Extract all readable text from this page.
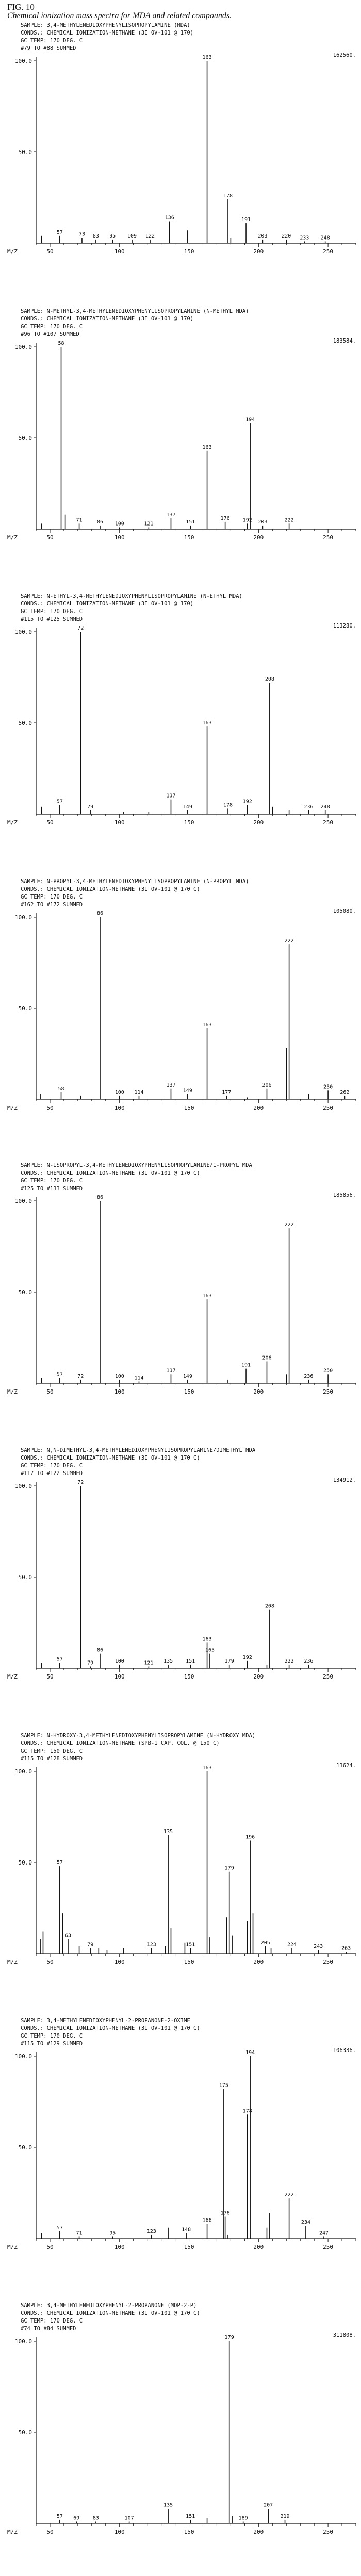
FIG. 10
Chemical ionization mass spectra for MDA and related compounds.
SAMPLE: 3,4-METHYLENEDIOXYPHENYLISOPROPYLAMINE (MDA)
CONDS.: CHEMICAL IONIZATION-METHANE (3I OV-101 @ 170)
GC TEMP: 170 DEG. C
#79 TO #88 SUMMED
162560.
100.0
50.0
50	100	150	200	250
M/Z
57	73 83 95 109 122
136
163
178
191
203	220 233 248
SAMPLE: N-METHYL-3,4-METHYLENEDIOXYPHENYLISOPROPYLAMINE (N-METHYL MDA)
CONDS.: CHEMICAL IONIZATION-METHANE (3I OV-101 @ 170)
GC TEMP: 170 DEG. C
#96 TO #107 SUMMED
183584.
100.0
50.0
50	100	150	200	250
M/Z
58
71	86 100	121
137
151
163
176	192
194
203	222
SAMPLE: N-ETHYL-3,4-METHYLENEDIOXYPHENYLISOPROPYLAMINE (N-ETHYL MDA)
CONDS.: CHEMICAL IONIZATION-METHANE (3I OV-101 @ 170)
GC TEMP: 170 DEG. C
#115 TO #125 SUMMED
113280.
100.0
50.0
50	100	150	200	250
M/Z
57
72
79
137
149
163
178
192
208
236 248
SAMPLE: N-PROPYL-3,4-METHYLENEDIOXYPHENYLISOPROPYLAMINE (N-PROPYL MDA)
CONDS.: CHEMICAL IONIZATION-METHANE (3I OV-101 @ 170 C)
GC TEMP: 170 DEG. C
#162 TO #172 SUMMED
105080.
100.0
50.0
50	100	150	200	250
M/Z
58
86
100 114
137
149
163
177
206
222
250
262
SAMPLE: N-ISOPROPYL-3,4-METHYLENEDIOXYPHENYLISOPROPYLAMINE/1-PROPYL MDA
CONDS.: CHEMICAL IONIZATION-METHANE (3I OV-101 @ 170 C)
GC TEMP: 170 DEG. C
#125 TO #133 SUMMED
185856.
100.0
50.0
50	100	150	200	250
M/Z
57	72
86
100 114
137
149
163
191
206
222
236
250
SAMPLE: N,N-DIMETHYL-3,4-METHYLENEDIOXYPHENYLISOPROPYLAMINE/DIMETHYL MDA
CONDS.: CHEMICAL IONIZATION-METHANE (3I OV-101 @ 170 C)
GC TEMP: 170 DEG. C
#117 TO #122 SUMMED
134912.
100.0
50.0
50	100	150	200	250
M/Z
57
72
79
86
100	121 135	151
163
165
179
192
208
222 236
SAMPLE: N-HYDROXY-3,4-METHYLENEDIOXYPHENYLISOPROPYLAMINE (N-HYDROXY MDA)
CONDS.: CHEMICAL IONIZATION-METHANE (SPB-1 CAP. COL. @ 150 C)
GC TEMP: 150 DEG. C
#115 TO #128 SUMMED
13624.
100.0
50.0
50	100	150	200	250
M/Z
57
63
79	123
135
151
163
179
196
205	224	243	263
SAMPLE: 3,4-METHYLENEDIOXYPHENYL-2-PROPANONE-2-OXIME
CONDS.: CHEMICAL IONIZATION-METHANE (3I OV-101 @ 170 C)
GC TEMP: 170 DEG. C
#115 TO #129 SUMMED
106336.
100.0
50.0
50	100	150	200	250
M/Z
57
71	95	123	148
166
175
176
178
194
222
234
247
SAMPLE: 3,4-METHYLENEDIOXYPHENYL-2-PROPANONE (MDP-2-P)
CONDS.: CHEMICAL IONIZATION-METHANE (3I OV-101 @ 170 C)
GC TEMP: 170 DEG. C
#74 TO #84 SUMMED
311808.
100.0
50.0
50	100	150	200	250
M/Z
57 69	83	107
135
151
179
189
207
219
